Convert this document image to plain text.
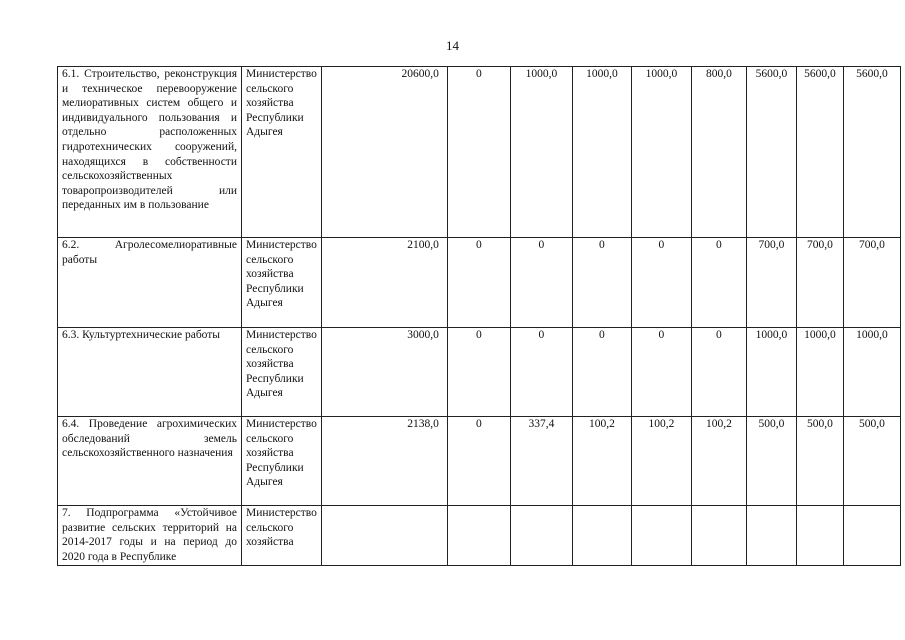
14
6.1. Строительство, реконструкция и техническое перевооружение мелиоративных систем общего и индивидуального пользования и отдельно расположенных гидротехнических сооружений, находящихся в собственности сельскохозяйственных товаропроизводителей или переданных им в пользование	Министерство сельского хозяйства Республики Адыгея	20600,0	0	1000,0	1000,0	1000,0	800,0	5600,0	5600,0	5600,0
6.2. Агролесомелиоративные работы	Министерство сельского хозяйства Республики Адыгея	2100,0	0	0	0	0	0	700,0	700,0	700,0
6.3. Культуртехнические работы	Министерство сельского хозяйства Республики Адыгея	3000,0	0	0	0	0	0	1000,0	1000,0	1000,0
6.4. Проведение агрохимических обследований земель сельскохозяйственного назначения	Министерство сельского хозяйства Республики Адыгея	2138,0	0	337,4	100,2	100,2	100,2	500,0	500,0	500,0
7. Подпрограмма «Устойчивое развитие сельских территорий на 2014-2017 годы и на период до 2020 года в Республике	Министерство сельского хозяйства									
